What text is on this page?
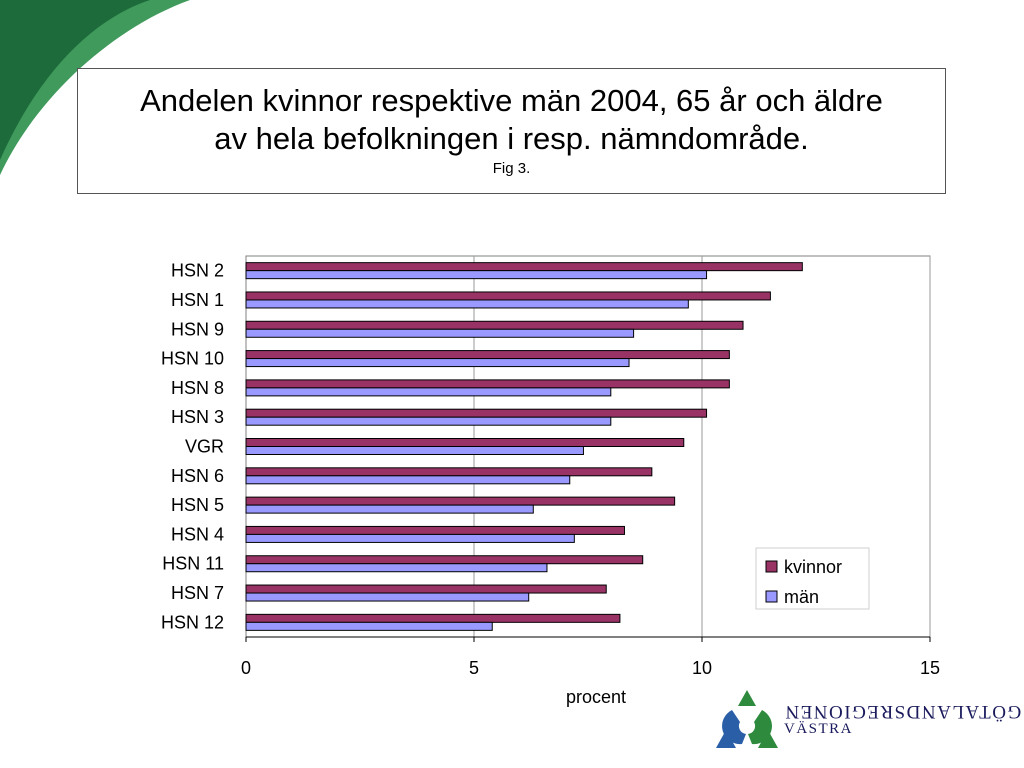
Andelen kvinnor respektive män 2004, 65 år och äldre
av hela befolkningen i resp. nämndområde.
Fig 3.
HSN 2
HSN 1
HSN 9
HSN 10
HSN 8
HSN 3
VGR
HSN 6
HSN 5
HSN 4
HSN 11
HSN 7
HSN 12
0	5	10	15
procent
kvinnor
män
GÖTALANDSREGIONEN
VÄSTRA
